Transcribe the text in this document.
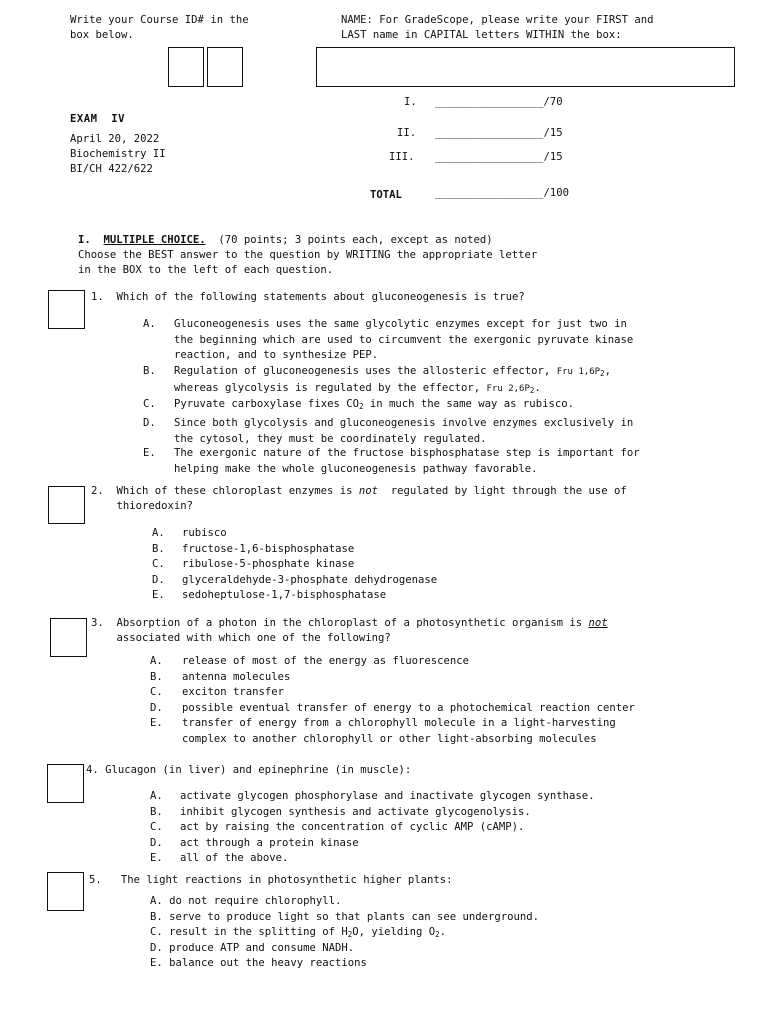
Write your Course ID# in the
box below.
NAME: For GradeScope, please write your FIRST and
LAST name in CAPITAL letters WITHIN the box:
EXAM  IV
April 20, 2022
Biochemistry II
BI/CH 422/622
I. _________________/70
II. _________________/15
III. _________________/15
TOTAL	_________________/100
I. MULTIPLE CHOICE. (70 points; 3 points each, except as noted)
Choose the BEST answer to the question by WRITING the appropriate letter
in the BOX to the left of each question.
1. Which of the following statements about gluconeogenesis is true?
A. Gluconeogenesis uses the same glycolytic enzymes except for just two in
the beginning which are used to circumvent the exergonic pyruvate kinase
reaction, and to synthesize PEP.
B. Regulation of gluconeogenesis uses the allosteric effector, Fru $1,6P_2$,
whereas glycolysis is regulated by the effector, Fru $2,6P_2$.
C. Pyruvate carboxylase fixes $CO_2$ in much the same way as rubisco.
D. Since both glycolysis and gluconeogenesis involve enzymes exclusively in
the cytosol, they must be coordinately regulated.
E. The exergonic nature of the fructose bisphosphatase step is important for
helping make the whole gluconeogenesis pathway favorable.
2. Which of these chloroplast enzymes is not  regulated by light through the use of
thioredoxin?
A. rubisco
B. fructose-1,6-bisphosphatase
C. ribulose-5-phosphate kinase
D. glyceraldehyde-3-phosphate dehydrogenase
E. sedoheptulose-1,7-bisphosphatase
3. Absorption of a photon in the chloroplast of a photosynthetic organism is not
associated with which one of the following?
A. release of most of the energy as fluorescence
B. antenna molecules
C. exciton transfer
D. possible eventual transfer of energy to a photochemical reaction center
E. transfer of energy from a chlorophyll molecule in a light-harvesting
complex to another chlorophyll or other light-absorbing molecules
4. Glucagon (in liver) and epinephrine (in muscle):
A. activate glycogen phosphorylase and inactivate glycogen synthase.
B. inhibit glycogen synthesis and activate glycogenolysis.
C. act by raising the concentration of cyclic AMP (cAMP).
D. act through a protein kinase
E. all of the above.
5. The light reactions in photosynthetic higher plants:
A. do not require chlorophyll.
B. serve to produce light so that plants can see underground.
C. result in the splitting of $H_2O$, yielding $O_2$.
D. produce ATP and consume NADH.
E. balance out the heavy reactions
